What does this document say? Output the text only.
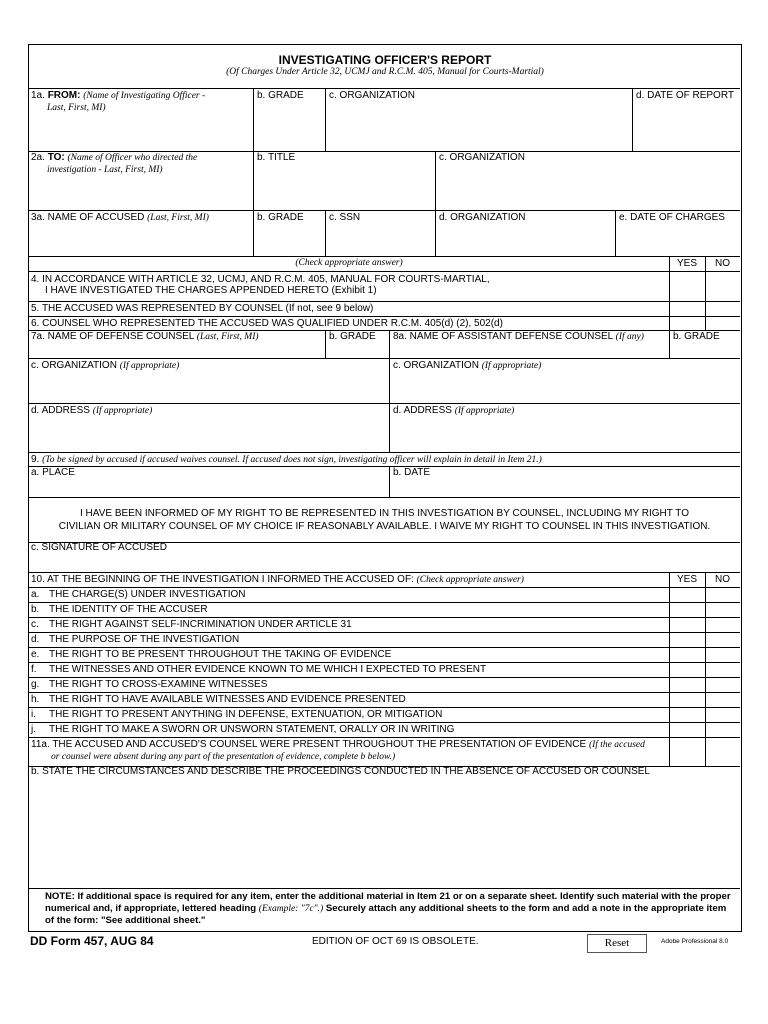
INVESTIGATING OFFICER'S REPORT
(Of Charges Under Article 32, UCMJ and R.C.M. 405, Manual for Courts-Martial)
1a. FROM: (Name of Investigating Officer -
Last, First, MI)
b. GRADE	c. ORGANIZATION	d. DATE OF REPORT
2a. TO: (Name of Officer who directed the
investigation - Last, First, MI)
b. TITLE	c. ORGANIZATION
3a. NAME OF ACCUSED (Last, First, MI)	b. GRADE	c. SSN	d. ORGANIZATION	e. DATE OF CHARGES
(Check appropriate answer)	YES	NO
4. IN ACCORDANCE WITH ARTICLE 32, UCMJ, AND R.C.M. 405, MANUAL FOR COURTS-MARTIAL,
I HAVE INVESTIGATED THE CHARGES APPENDED HERETO (Exhibit 1)
5. THE ACCUSED WAS REPRESENTED BY COUNSEL (If not, see 9 below)
6. COUNSEL WHO REPRESENTED THE ACCUSED WAS QUALIFIED UNDER R.C.M. 405(d) (2), 502(d)
7a. NAME OF DEFENSE COUNSEL (Last, First, MI)	b. GRADE 8a. NAME OF ASSISTANT DEFENSE COUNSEL (If any)	b. GRADE
c. ORGANIZATION (If appropriate)	c. ORGANIZATION (If appropriate)
d. ADDRESS (If appropriate)	d. ADDRESS (If appropriate)
9. (To be signed by accused if accused waives counsel. If accused does not sign, investigating officer will explain in detail in Item 21.)
a. PLACE	b. DATE
I HAVE BEEN INFORMED OF MY RIGHT TO BE REPRESENTED IN THIS INVESTIGATION BY COUNSEL, INCLUDING MY RIGHT TO
CIVILIAN OR MILITARY COUNSEL OF MY CHOICE IF REASONABLY AVAILABLE. I WAIVE MY RIGHT TO COUNSEL IN THIS INVESTIGATION.
c. SIGNATURE OF ACCUSED
10. AT THE BEGINNING OF THE INVESTIGATION I INFORMED THE ACCUSED OF: (Check appropriate answer)	YES	NO
a. THE CHARGE(S) UNDER INVESTIGATION
b. THE IDENTITY OF THE ACCUSER
c.	THE RIGHT AGAINST SELF-INCRIMINATION UNDER ARTICLE 31
d. THE PURPOSE OF THE INVESTIGATION
e. THE RIGHT TO BE PRESENT THROUGHOUT THE TAKING OF EVIDENCE
f.	THE WITNESSES AND OTHER EVIDENCE KNOWN TO ME WHICH I EXPECTED TO PRESENT
g. THE RIGHT TO CROSS-EXAMINE WITNESSES
h. THE RIGHT TO HAVE AVAILABLE WITNESSES AND EVIDENCE PRESENTED
i.	THE RIGHT TO PRESENT ANYTHING IN DEFENSE, EXTENUATION, OR MITIGATION
j.	THE RIGHT TO MAKE A SWORN OR UNSWORN STATEMENT, ORALLY OR IN WRITING
11a. THE ACCUSED AND ACCUSED'S COUNSEL WERE PRESENT THROUGHOUT THE PRESENTATION OF EVIDENCE (If the accused
or counsel were absent during any part of the presentation of evidence, complete b below.)
b. STATE THE CIRCUMSTANCES AND DESCRIBE THE PROCEEDINGS CONDUCTED IN THE ABSENCE OF ACCUSED OR COUNSEL
NOTE: If additional space is required for any item, enter the additional material in Item 21 or on a separate sheet. Identify such material with the proper numerical and, if appropriate, lettered heading (Example: "7c".) Securely attach any additional sheets to the form and add a note in the appropriate item of the form: "See additional sheet."
DD Form 457, AUG 84	EDITION OF OCT 69 IS OBSOLETE.	Reset	Adobe Professional 8.0
